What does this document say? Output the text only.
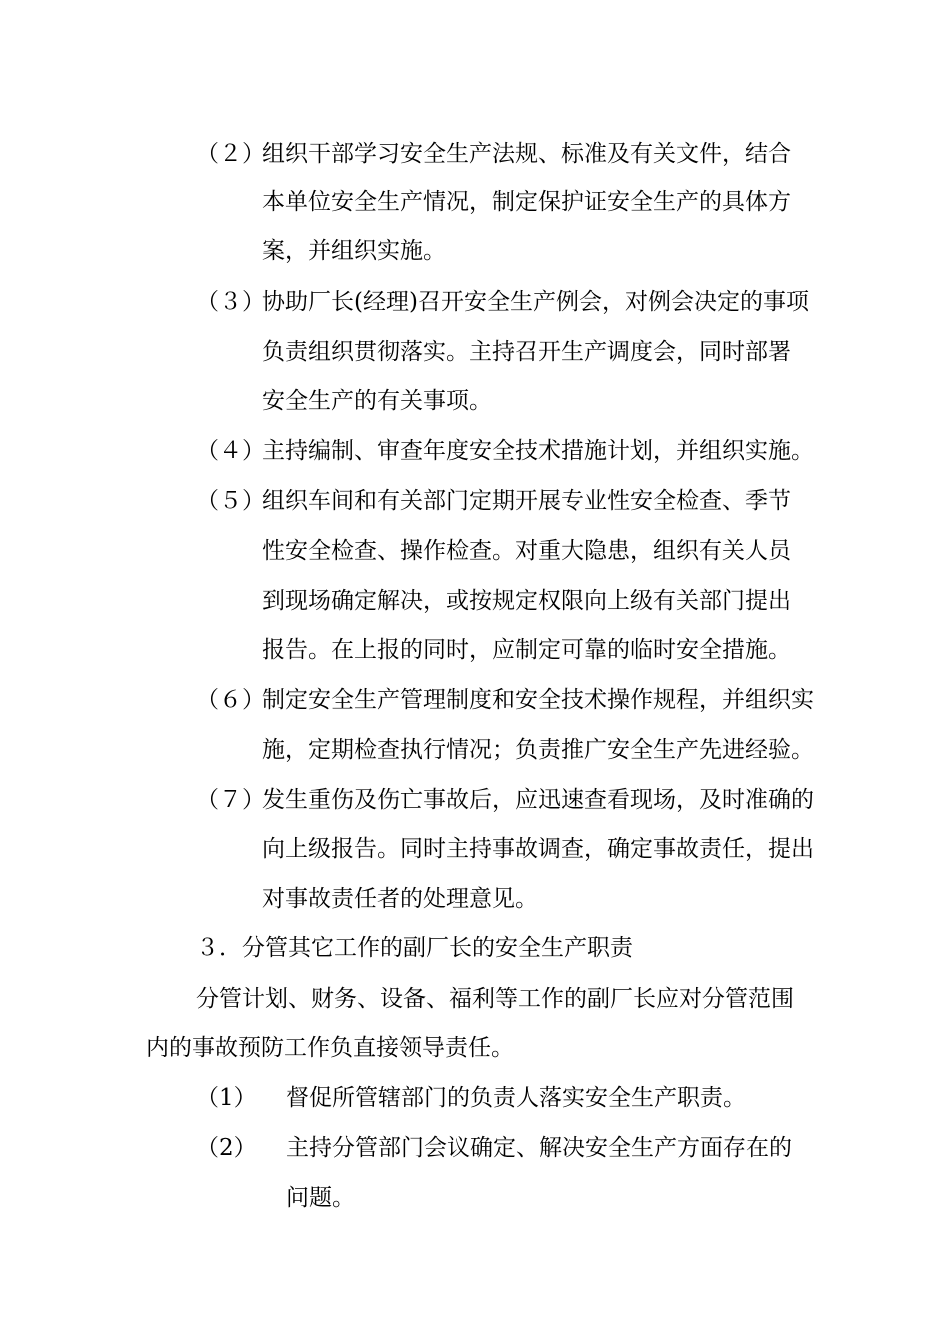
（２）
组织干部学习安全生产法规、标准及有关文件，结合
本单位安全生产情况，制定保护证安全生产的具体方
案，并组织实施。
（３）
协助厂长(经理)召开安全生产例会，对例会决定的事项
负责组织贯彻落实。主持召开生产调度会，同时部署
安全生产的有关事项。
（４）
主持编制、审查年度安全技术措施计划，并组织实施。
（５）
组织车间和有关部门定期开展专业性安全检查、季节
性安全检查、操作检查。对重大隐患，组织有关人员
到现场确定解决，或按规定权限向上级有关部门提出
报告。在上报的同时，应制定可靠的临时安全措施。
（６）
制定安全生产管理制度和安全技术操作规程，并组织实
施，定期检查执行情况；负责推广安全生产先进经验。
（７）
发生重伤及伤亡事故后，应迅速查看现场，及时准确的
向上级报告。同时主持事故调查，确定事故责任，提出
对事故责任者的处理意见。
３．分管其它工作的副厂长的安全生产职责
分管计划、财务、设备、福利等工作的副厂长应对分管范围
内的事故预防工作负直接领导责任。
（1） 督促所管辖部门的负责人落实安全生产职责。
（2） 主持分管部门会议确定、解决安全生产方面存在的
问题。
